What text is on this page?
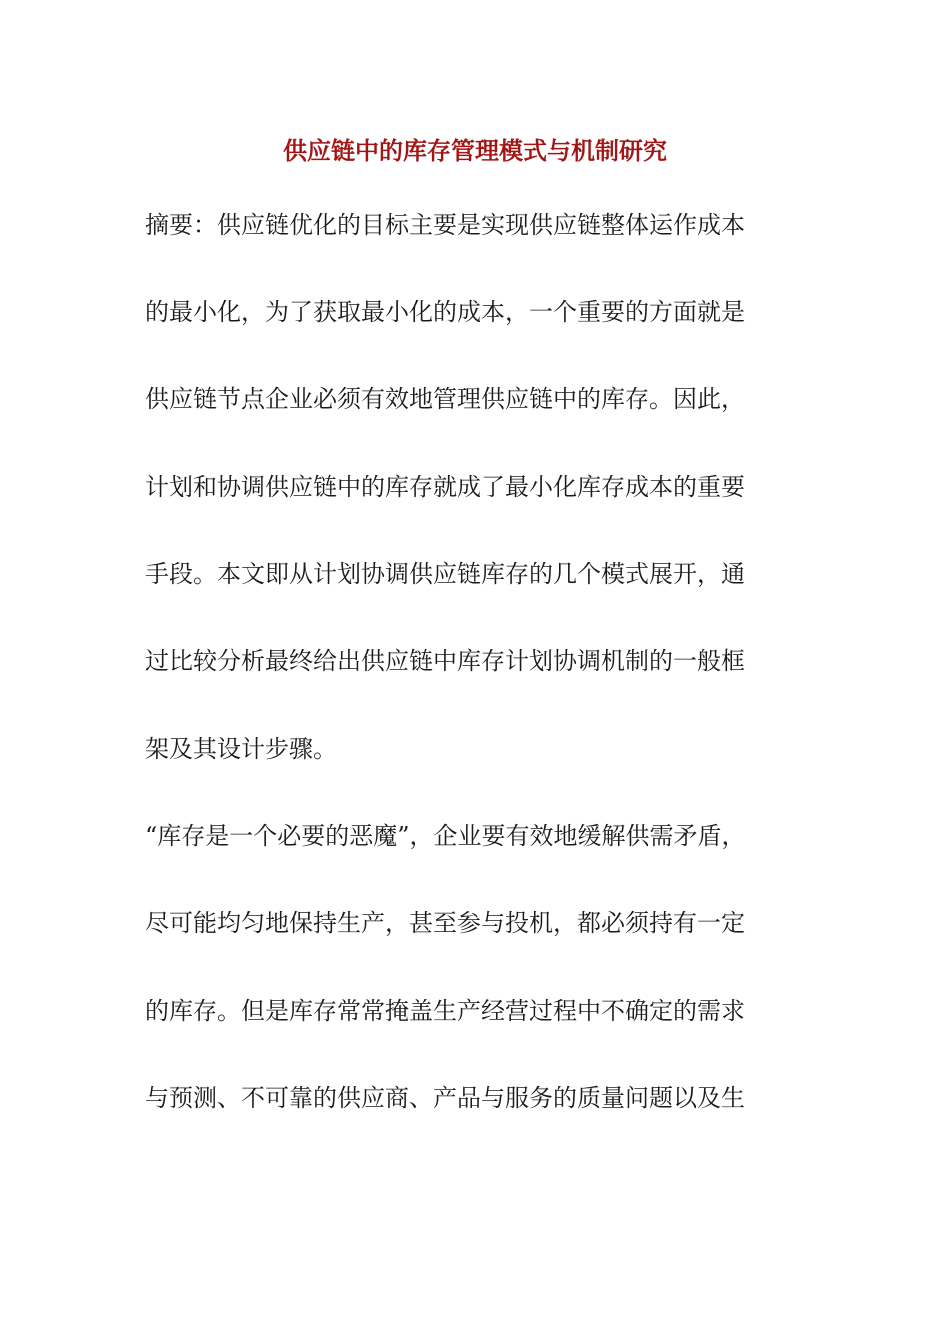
供应链中的库存管理模式与机制研究

摘要：供应链优化的目标主要是实现供应链整体运作成本

的最小化，为了获取最小化的成本，一个重要的方面就是

供应链节点企业必须有效地管理供应链中的库存。因此，

计划和协调供应链中的库存就成了最小化库存成本的重要

手段。本文即从计划协调供应链库存的几个模式展开，通

过比较分析最终给出供应链中库存计划协调机制的一般框

架及其设计步骤。

“库存是一个必要的恶魔”，企业要有效地缓解供需矛盾，

尽可能均匀地保持生产，甚至参与投机，都必须持有一定

的库存。但是库存常常掩盖生产经营过程中不确定的需求

与预测、不可靠的供应商、产品与服务的质量问题以及生
